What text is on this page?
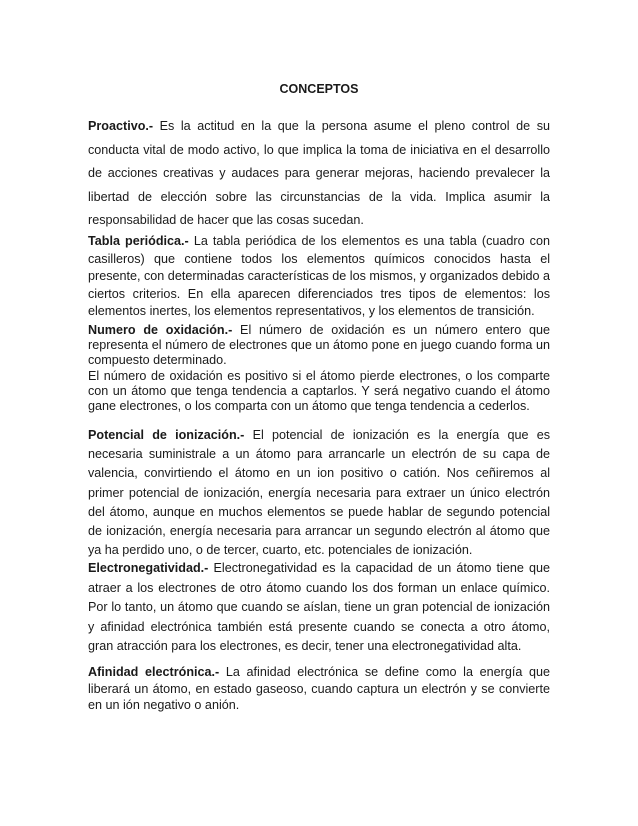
CONCEPTOS

Proactivo.- Es la actitud en la que la persona asume el pleno control de su conducta vital de modo activo, lo que implica la toma de iniciativa en el desarrollo de acciones creativas y audaces para generar mejoras, haciendo prevalecer la libertad de elección sobre las circunstancias de la vida. Implica asumir la responsabilidad de hacer que las cosas sucedan.

Tabla periódica.- La tabla periódica de los elementos es una tabla (cuadro con casilleros) que contiene todos los elementos químicos conocidos hasta el presente, con determinadas características de los mismos, y organizados debido a ciertos criterios. En ella aparecen diferenciados tres tipos de elementos: los elementos inertes, los elementos representativos, y los elementos de transición.

Numero de oxidación.- El número de oxidación es un número entero que representa el número de electrones que un átomo pone en juego cuando forma un compuesto determinado.

El número de oxidación es positivo si el átomo pierde electrones, o los comparte con un átomo que tenga tendencia a captarlos. Y será negativo cuando el átomo gane electrones, o los comparta con un átomo que tenga tendencia a cederlos.

Potencial de ionización.- El potencial de ionización es la energía que es necesaria suministrale a un átomo para arrancarle un electrón de su capa de valencia, convirtiendo el átomo en un ion positivo o catión. Nos ceñiremos al primer potencial de ionización, energía necesaria para extraer un único electrón del átomo, aunque en muchos elementos se puede hablar de segundo potencial de ionización, energía necesaria para arrancar un segundo electrón al átomo que ya ha perdido uno, o de tercer, cuarto, etc. potenciales de ionización.

Electronegatividad.- Electronegatividad es la capacidad de un átomo tiene que atraer a los electrones de otro átomo cuando los dos forman un enlace químico. Por lo tanto, un átomo que cuando se aíslan, tiene un gran potencial de ionización y afinidad electrónica también está presente cuando se conecta a otro átomo, gran atracción para los electrones, es decir, tener una electronegatividad alta.

Afinidad electrónica.- La afinidad electrónica se define como la energía que liberará un átomo, en estado gaseoso, cuando captura un electrón y se convierte en un ión negativo o anión.
